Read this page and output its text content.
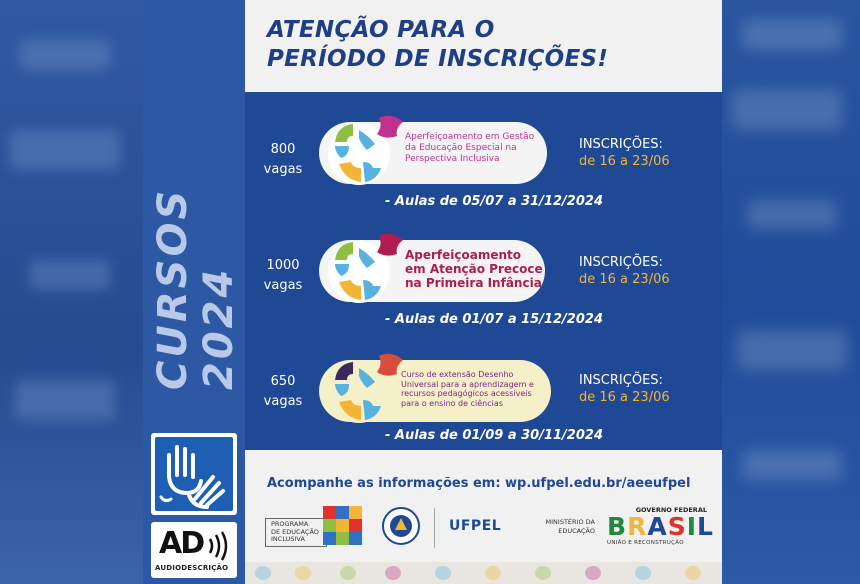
CURSOS 2024
AD
AUDIODESCRIÇÃO
ATENÇÃO PARA O
PERÍODO DE INSCRIÇÕES!
800
vagas
Aperfeiçoamento em Gestão
da Educação Especial na
Perspectiva Inclusiva
INSCRIÇÕES:
de 16 a 23/06
- Aulas de 05/07 a 31/12/2024
1000
vagas
Aperfeiçoamento
em Atenção Precoce
na Primeira Infância
INSCRIÇÕES:
de 16 a 23/06
- Aulas de 01/07 a 15/12/2024
650
vagas
Curso de extensão Desenho
Universal para a aprendizagem e
recursos pedagógicos acessíveis
para o ensino de ciências
INSCRIÇÕES:
de 16 a 23/06
- Aulas de 01/09 a 30/11/2024
Acompanhe as informações em: wp.ufpel.edu.br/aeeufpel
PROGRAMA
DE EDUCAÇÃO
INCLUSIVA
UFPEL	MINISTÉRIO DA
EDUCAÇÃO
GOVERNO FEDERAL
BRASIL
UNIÃO E RECONSTRUÇÃO
